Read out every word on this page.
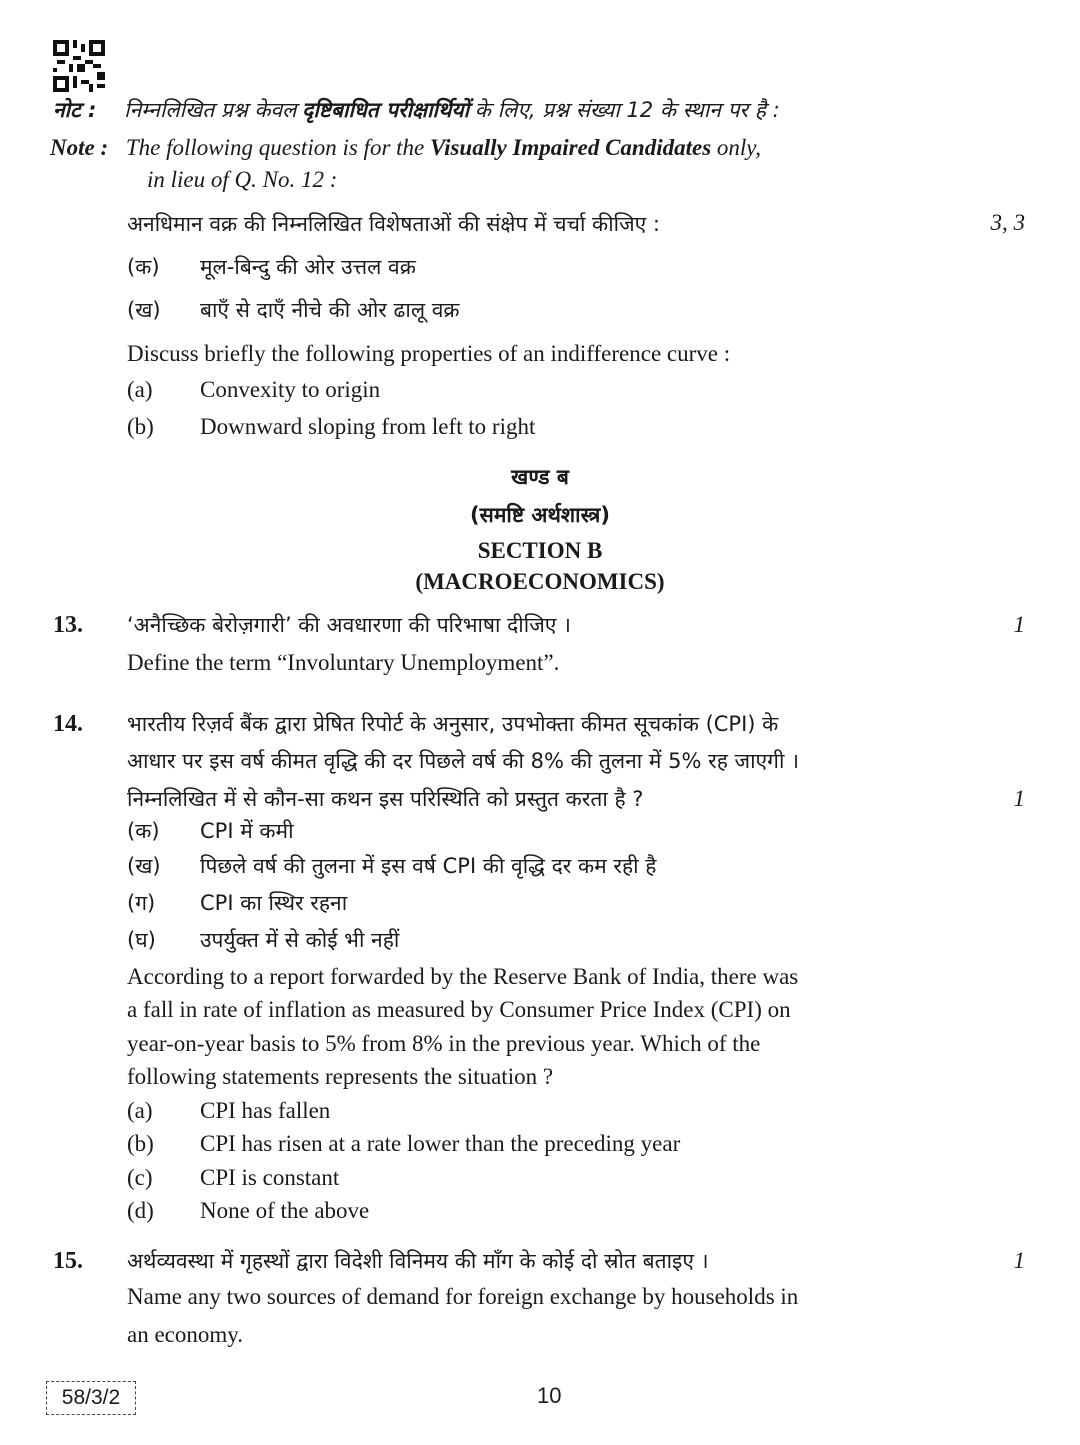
नोट : निम्नलिखित प्रश्न केवल दृष्टिबाधित परीक्षार्थियों के लिए, प्रश्न संख्या 12 के स्थान पर है :
Note : The following question is for the Visually Impaired Candidates only,
in lieu of Q. No. 12 :
अनधिमान वक्र की निम्नलिखित विशेषताओं की संक्षेप में चर्चा कीजिए :	3, 3
(क) मूल-बिन्दु की ओर उत्तल वक्र
(ख) बाएँ से दाएँ नीचे की ओर ढालू वक्र
Discuss briefly the following properties of an indifference curve :
(a) Convexity to origin
(b) Downward sloping from left to right
खण्ड ब
(समष्टि अर्थशास्त्र)
SECTION B
(MACROECONOMICS)
13. ‘अनैच्छिक बेरोज़गारी’ की अवधारणा की परिभाषा दीजिए ।	1
Define the term “Involuntary Unemployment”.
14. भारतीय रिज़र्व बैंक द्वारा प्रेषित रिपोर्ट के अनुसार, उपभोक्ता कीमत सूचकांक (CPI) के
आधार पर इस वर्ष कीमत वृद्धि की दर पिछले वर्ष की 8% की तुलना में 5% रह जाएगी ।
निम्नलिखित में से कौन-सा कथन इस परिस्थिति को प्रस्तुत करता है ?	1
(क) CPI में कमी
(ख) पिछले वर्ष की तुलना में इस वर्ष CPI की वृद्धि दर कम रही है
(ग) CPI का स्थिर रहना
(घ) उपर्युक्त में से कोई भी नहीं
According to a report forwarded by the Reserve Bank of India, there was
a fall in rate of inflation as measured by Consumer Price Index (CPI) on
year-on-year basis to 5% from 8% in the previous year. Which of the
following statements represents the situation ?
(a) CPI has fallen
(b) CPI has risen at a rate lower than the preceding year
(c) CPI is constant
(d) None of the above
15. अर्थव्यवस्था में गृहस्थों द्वारा विदेशी विनिमय की माँग के कोई दो स्रोत बताइए ।	1
Name any two sources of demand for foreign exchange by households in
an economy.
58/3/2	10
